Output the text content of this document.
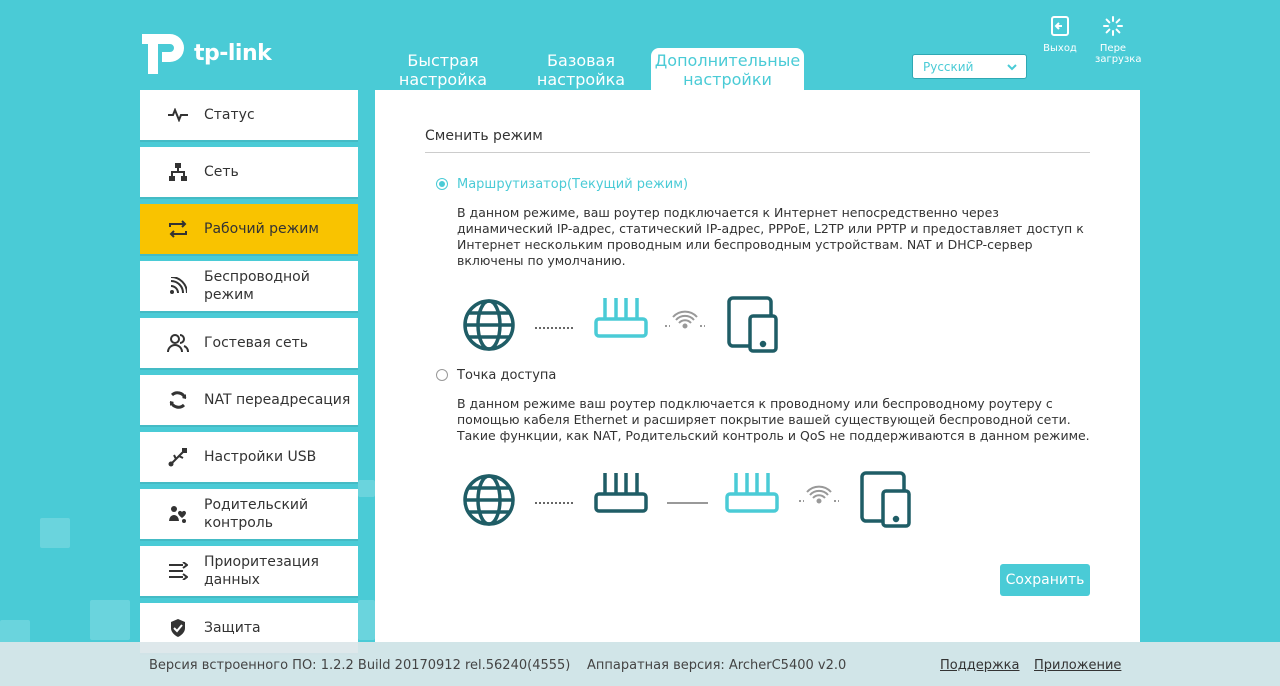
tp-link	Быстрая настройка
Базовая настройка
Дополнительные настройки
Русский
Выход	Пере загрузка
Статус
Сеть
Рабочий режим
Беспроводной режим
Гостевая сеть
NAT переадресация
Настройки USB
Родительский контроль
Приоритезация данных
Защита
Сменить режим
Маршрутизатор(Текущий режим)
В данном режиме, ваш роутер подключается к Интернет непосредственно через динамический IP-адрес, статический IP-адрес, PPPoE, L2TP или PPTP и предоставляет доступ к Интернет нескольким проводным или беспроводным устройствам. NAT и DHCP-сервер включены по умолчанию.
Точка доступа
В данном режиме ваш роутер подключается к проводному или беспроводному роутеру с помощью кабеля Ethernet и расширяет покрытие вашей существующей беспроводной сети. Такие функции, как NAT, Родительский контроль и QoS не поддерживаются в данном режиме.
Сохранить
Версия встроенного ПО: 1.2.2 Build 20170912 rel.56240(4555) Аппаратная версия: ArcherC5400 v2.0	Поддержка Приложение
